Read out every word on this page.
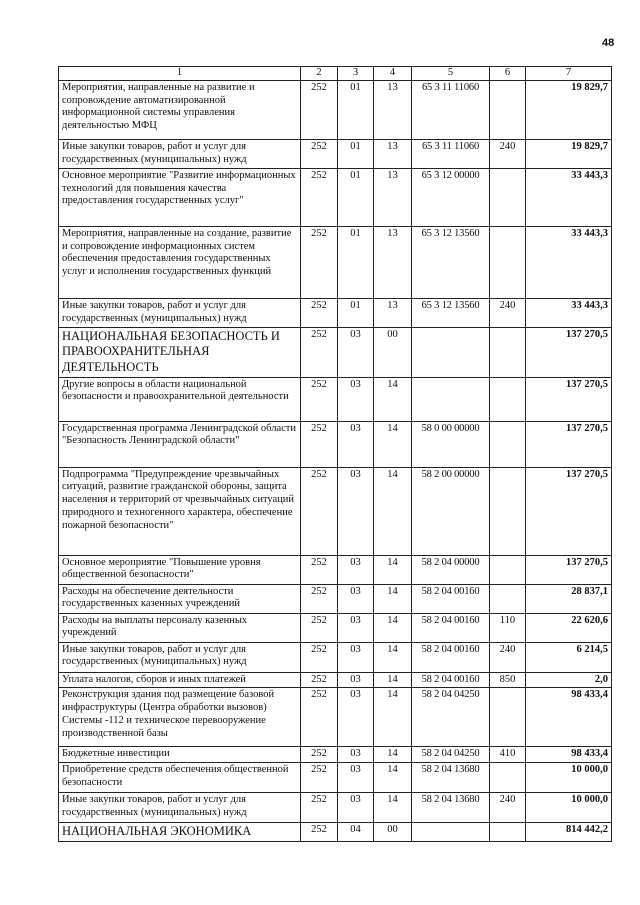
48
1	2	3	4	5	6	7
Мероприятия, направленные на развитие и сопровождение автоматизированной информационной системы управления деятельностью МФЦ	252	01	13	65 3 11 11060		19 829,7
Иные закупки товаров, работ и услуг для государственных (муниципальных) нужд	252	01	13	65 3 11 11060	240	19 829,7
Основное мероприятие "Развитие информационных технологий для повышения качества предоставления государственных услуг"	252	01	13	65 3 12 00000		33 443,3
Мероприятия, направленные на создание, развитие и сопровождение информационных систем обеспечения предоставления государственных услуг и исполнения государственных функций	252	01	13	65 3 12 13560		33 443,3
Иные закупки товаров, работ и услуг для государственных (муниципальных) нужд	252	01	13	65 3 12 13560	240	33 443,3
НАЦИОНАЛЬНАЯ БЕЗОПАСНОСТЬ И ПРАВООХРАНИТЕЛЬНАЯ ДЕЯТЕЛЬНОСТЬ	252	03	00			137 270,5
Другие вопросы в области национальной безопасности и правоохранительной деятельности	252	03	14			137 270,5
Государственная программа Ленинградской области "Безопасность Ленинградской области"	252	03	14	58 0 00 00000		137 270,5
Подпрограмма "Предупреждение чрезвычайных ситуаций, развитие гражданской обороны, защита населения и территорий от чрезвычайных ситуаций природного и техногенного характера, обеспечение пожарной безопасности"	252	03	14	58 2 00 00000		137 270,5
Основное мероприятие "Повышение уровня общественной безопасности"	252	03	14	58 2 04 00000		137 270,5
Расходы на обеспечение деятельности государственных казенных учреждений	252	03	14	58 2 04 00160		28 837,1
Расходы на выплаты персоналу казенных учреждений	252	03	14	58 2 04 00160	110	22 620,6
Иные закупки товаров, работ и услуг для государственных (муниципальных) нужд	252	03	14	58 2 04 00160	240	6 214,5
Уплата налогов, сборов и иных платежей	252	03	14	58 2 04 00160	850	2,0
Реконструкция здания под размещение базовой инфраструктуры (Центра обработки вызовов) Системы -112 и техническое перевооружение производственной базы	252	03	14	58 2 04 04250		98 433,4
Бюджетные инвестиции	252	03	14	58 2 04 04250	410	98 433,4
Приобретение средств обеспечения общественной безопасности	252	03	14	58 2 04 13680		10 000,0
Иные закупки товаров, работ и услуг для государственных (муниципальных) нужд	252	03	14	58 2 04 13680	240	10 000,0
НАЦИОНАЛЬНАЯ ЭКОНОМИКА	252	04	00			814 442,2
